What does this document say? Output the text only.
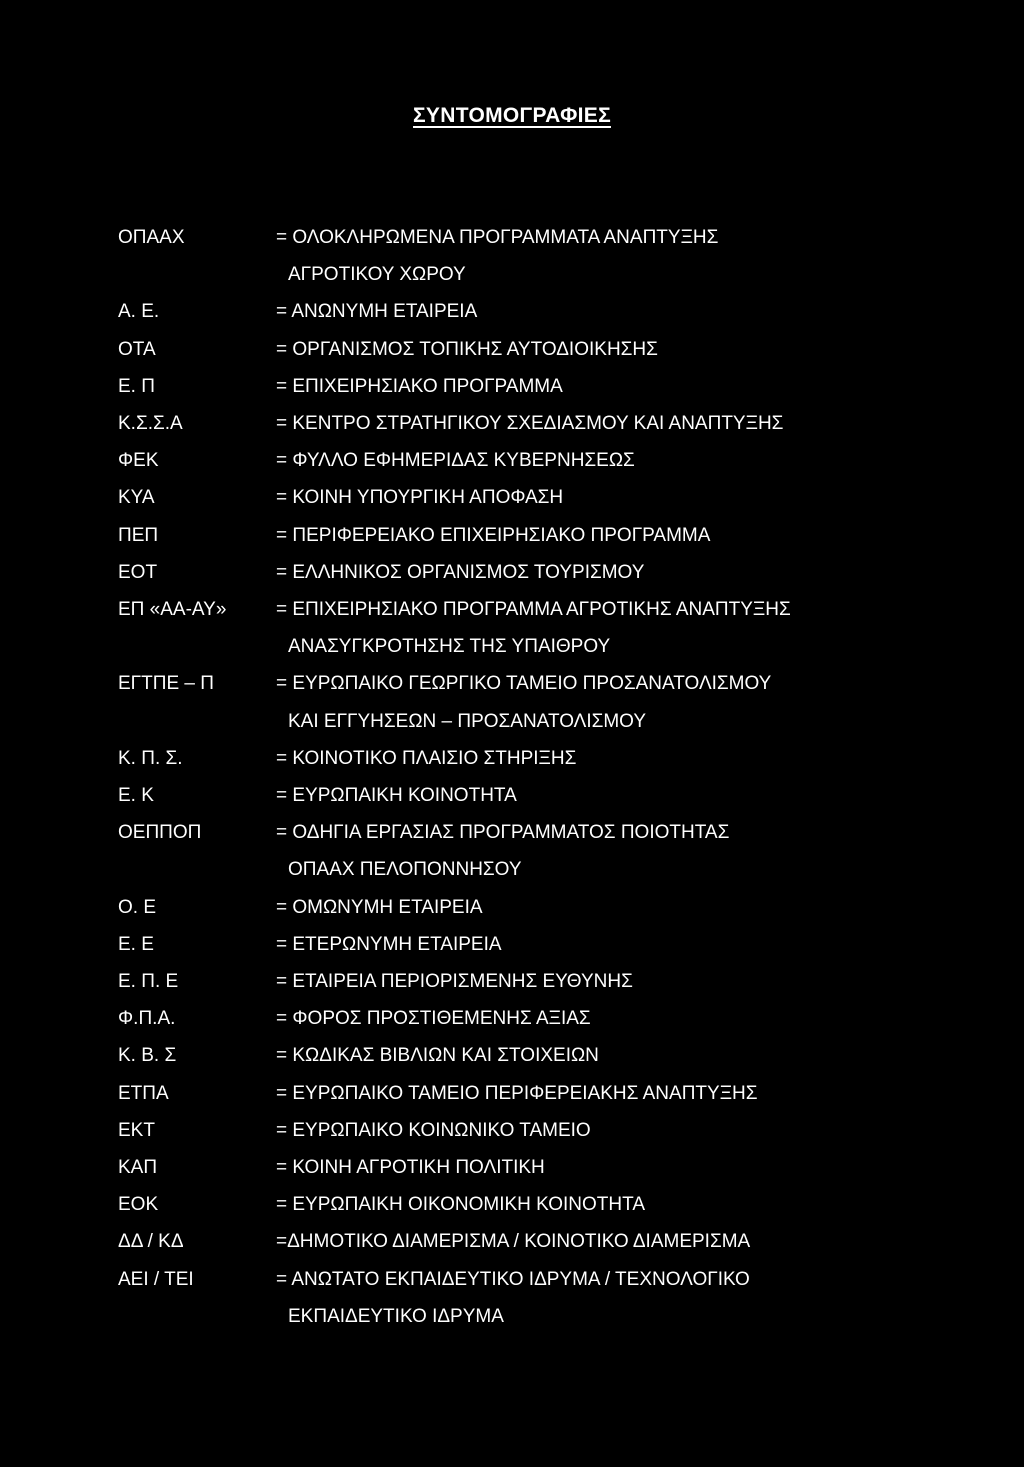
ΣΥΝΤΟΜΟΓΡΑΦΙΕΣ
ΟΠΑΑΧ	= ΟΛΟΚΛΗΡΩΜΕΝΑ ΠΡΟΓΡΑΜΜΑΤΑ ΑΝΑΠΤΥΞΗΣ
ΑΓΡΟΤΙΚΟΥ ΧΩΡΟΥ
Α. Ε.	= ΑΝΩΝΥΜΗ ΕΤΑΙΡΕΙΑ
ΟΤΑ	= ΟΡΓΑΝΙΣΜΟΣ ΤΟΠΙΚΗΣ ΑΥΤΟΔΙΟΙΚΗΣΗΣ
Ε. Π	= ΕΠΙΧΕΙΡΗΣΙΑΚΟ ΠΡΟΓΡΑΜΜΑ
Κ.Σ.Σ.Α	= ΚΕΝΤΡΟ ΣΤΡΑΤΗΓΙΚΟΥ ΣΧΕΔΙΑΣΜΟΥ ΚΑΙ ΑΝΑΠΤΥΞΗΣ
ΦΕΚ	= ΦΥΛΛΟ ΕΦΗΜΕΡΙΔΑΣ ΚΥΒΕΡΝΗΣΕΩΣ
ΚΥΑ	= ΚΟΙΝΗ ΥΠΟΥΡΓΙΚΗ ΑΠΟΦΑΣΗ
ΠΕΠ	= ΠΕΡΙΦΕΡΕΙΑΚΟ ΕΠΙΧΕΙΡΗΣΙΑΚΟ ΠΡΟΓΡΑΜΜΑ
ΕΟΤ	= ΕΛΛΗΝΙΚΟΣ ΟΡΓΑΝΙΣΜΟΣ ΤΟΥΡΙΣΜΟΥ
ΕΠ «ΑΑ-ΑΥ»	= ΕΠΙΧΕΙΡΗΣΙΑΚΟ ΠΡΟΓΡΑΜΜΑ ΑΓΡΟΤΙΚΗΣ ΑΝΑΠΤΥΞΗΣ
ΑΝΑΣΥΓΚΡΟΤΗΣΗΣ ΤΗΣ ΥΠΑΙΘΡΟΥ
ΕΓΤΠΕ – Π	= ΕΥΡΩΠΑΙΚΟ ΓΕΩΡΓΙΚΟ ΤΑΜΕΙΟ ΠΡΟΣΑΝΑΤΟΛΙΣΜΟΥ
ΚΑΙ ΕΓΓΥΗΣΕΩΝ – ΠΡΟΣΑΝΑΤΟΛΙΣΜΟΥ
Κ. Π. Σ.	= ΚΟΙΝΟΤΙΚΟ ΠΛΑΙΣΙΟ ΣΤΗΡΙΞΗΣ
Ε. Κ	= ΕΥΡΩΠΑΙΚΗ ΚΟΙΝΟΤΗΤΑ
ΟΕΠΠΟΠ	= ΟΔΗΓΙΑ ΕΡΓΑΣΙΑΣ ΠΡΟΓΡΑΜΜΑΤΟΣ ΠΟΙΟΤΗΤΑΣ
ΟΠΑΑΧ ΠΕΛΟΠΟΝΝΗΣΟΥ
Ο. Ε	= ΟΜΩΝΥΜΗ ΕΤΑΙΡΕΙΑ
Ε. Ε	= ΕΤΕΡΩΝΥΜΗ ΕΤΑΙΡΕΙΑ
Ε. Π. Ε	= ΕΤΑΙΡΕΙΑ ΠΕΡΙΟΡΙΣΜΕΝΗΣ ΕΥΘΥΝΗΣ
Φ.Π.Α.	= ΦΟΡΟΣ ΠΡΟΣΤΙΘΕΜΕΝΗΣ ΑΞΙΑΣ
Κ. Β. Σ	= ΚΩΔΙΚΑΣ ΒΙΒΛΙΩΝ ΚΑΙ ΣΤΟΙΧΕΙΩΝ
ΕΤΠΑ	= ΕΥΡΩΠΑΙΚΟ ΤΑΜΕΙΟ ΠΕΡΙΦΕΡΕΙΑΚΗΣ ΑΝΑΠΤΥΞΗΣ
ΕΚΤ	= ΕΥΡΩΠΑΙΚΟ ΚΟΙΝΩΝΙΚΟ ΤΑΜΕΙΟ
ΚΑΠ	= ΚΟΙΝΗ ΑΓΡΟΤΙΚΗ ΠΟΛΙΤΙΚΗ
ΕΟΚ	= ΕΥΡΩΠΑΙΚΗ ΟΙΚΟΝΟΜΙΚΗ ΚΟΙΝΟΤΗΤΑ
ΔΔ / ΚΔ	=ΔΗΜΟΤΙΚΟ ΔΙΑΜΕΡΙΣΜΑ / ΚΟΙΝΟΤΙΚΟ ΔΙΑΜΕΡΙΣΜΑ
ΑΕΙ / ΤΕΙ	= ΑΝΩΤΑΤΟ ΕΚΠΑΙΔΕΥΤΙΚΟ ΙΔΡΥΜΑ / ΤΕΧΝΟΛΟΓΙΚΟ
ΕΚΠΑΙΔΕΥΤΙΚΟ ΙΔΡΥΜΑ
